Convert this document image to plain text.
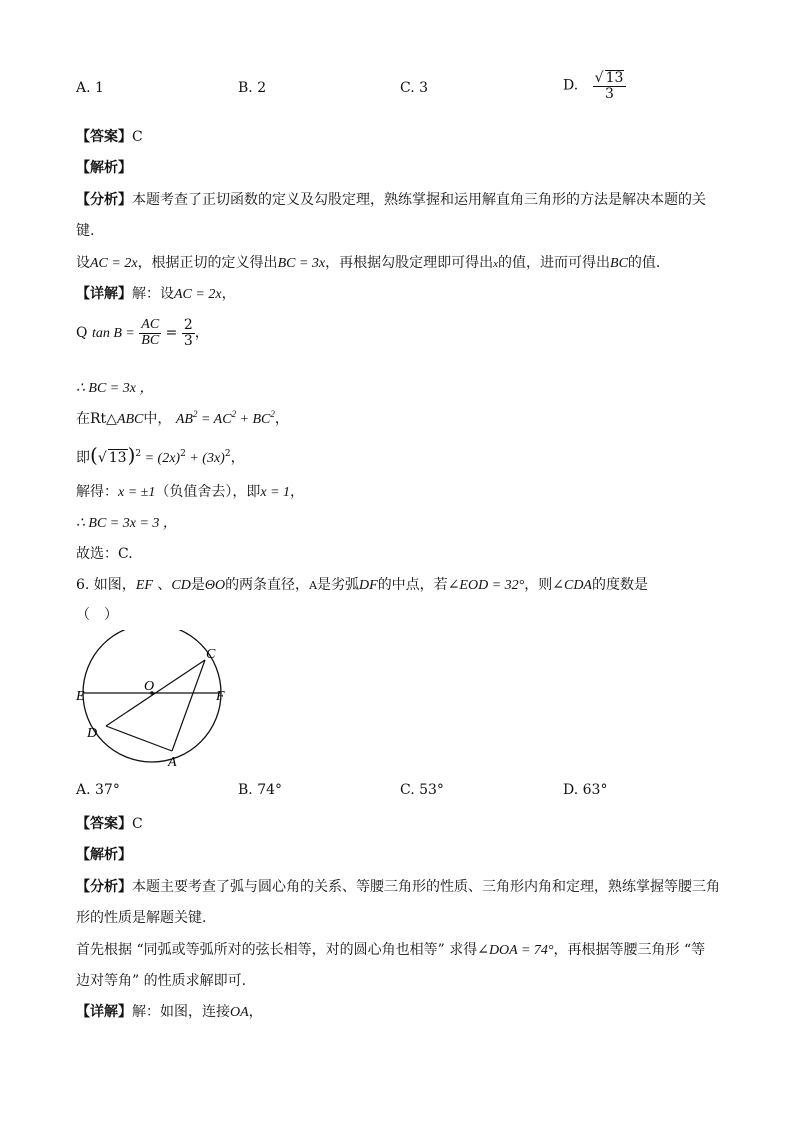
A. 1	B. 2	C. 3	D. $\frac{√ 13}{3}$
【答案】C
【解析】
【分析】本题考查了正切函数的定义及勾股定理，熟练掌握和运用解直角三角形的方法是解决本题的关
键.
设AC = 2x，根据正切的定义得出BC = 3x，再根据勾股定理即可得出x的值，进而可得出BC的值.
【详解】解：设AC = 2x，
Q $\tan B = \frac{AC}{BC} = \frac{2}{3}$ ，
∴ BC = 3x ，
在Rt△ABC中， $AB^2 = AC^2 + BC^2$，
即(√ $13)^2 = (2x)^2 + (3x)^2$，
解得：x = ±1（负值舍去），即x = 1，
∴ BC = 3x = 3 ，
故选：C.
6. 如图，EF 、CD是ΘO的两条直径，A是劣弧DF的中点，若∠EOD = 32°，则∠CDA的度数是
（　）
C
O
E	F
D
A
A. 37°	B. 74°	C. 53°	D. 63°
【答案】C
【解析】
【分析】本题主要考查了弧与圆心角的关系、等腰三角形的性质、三角形内角和定理，熟练掌握等腰三角
形的性质是解题关键.
首先根据 “同弧或等弧所对的弦长相等，对的圆心角也相等” 求得∠DOA = 74°，再根据等腰三角形 “等
边对等角” 的性质求解即可.
【详解】解：如图，连接OA，
